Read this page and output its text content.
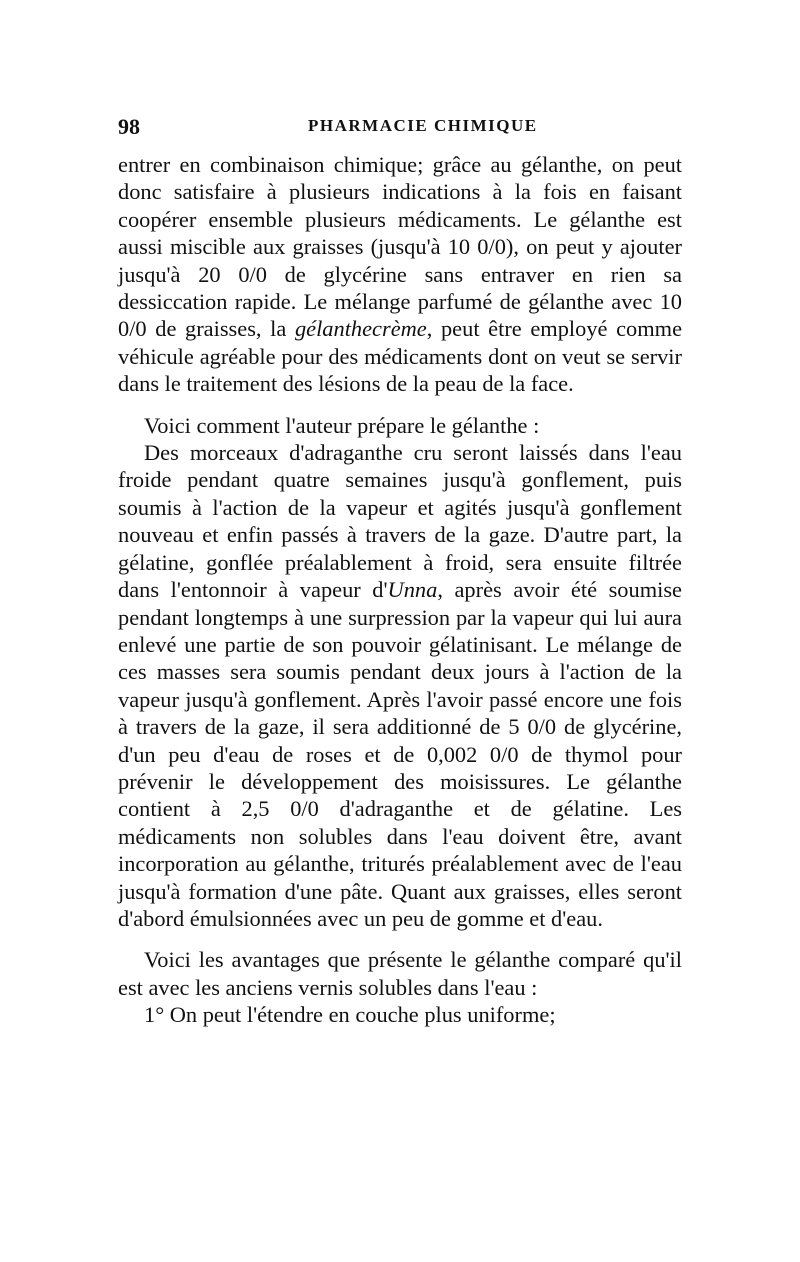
98	PHARMACIE CHIMIQUE

entrer en combinaison chimique; grâce au gélanthe, on peut donc satisfaire à plusieurs indications à la fois en faisant coopérer ensemble plusieurs médicaments. Le gélanthe est aussi miscible aux graisses (jusqu'à 10 0/0), on peut y ajouter jusqu'à 20 0/0 de glycérine sans entraver en rien sa dessiccation rapide. Le mélange parfumé de gélanthe avec 10 0/0 de graisses, la gélanthecrème, peut être employé comme véhicule agréable pour des médicaments dont on veut se servir dans le traitement des lésions de la peau de la face.

Voici comment l'auteur prépare le gélanthe :

Des morceaux d'adraganthe cru seront laissés dans l'eau froide pendant quatre semaines jusqu'à gonflement, puis soumis à l'action de la vapeur et agités jusqu'à gonflement nouveau et enfin passés à travers de la gaze. D'autre part, la gélatine, gonflée préalablement à froid, sera ensuite filtrée dans l'entonnoir à vapeur d'Unna, après avoir été soumise pendant longtemps à une surpression par la vapeur qui lui aura enlevé une partie de son pouvoir gélatinisant. Le mélange de ces masses sera soumis pendant deux jours à l'action de la vapeur jusqu'à gonflement. Après l'avoir passé encore une fois à travers de la gaze, il sera additionné de 5 0/0 de glycérine, d'un peu d'eau de roses et de 0,002 0/0 de thymol pour prévenir le développement des moisissures. Le gélanthe contient à 2,5 0/0 d'adraganthe et de gélatine. Les médicaments non solubles dans l'eau doivent être, avant incorporation au gélanthe, triturés préalablement avec de l'eau jusqu'à formation d'une pâte. Quant aux graisses, elles seront d'abord émulsionnées avec un peu de gomme et d'eau.

Voici les avantages que présente le gélanthe comparé qu'il est avec les anciens vernis solubles dans l'eau :

1° On peut l'étendre en couche plus uniforme;
